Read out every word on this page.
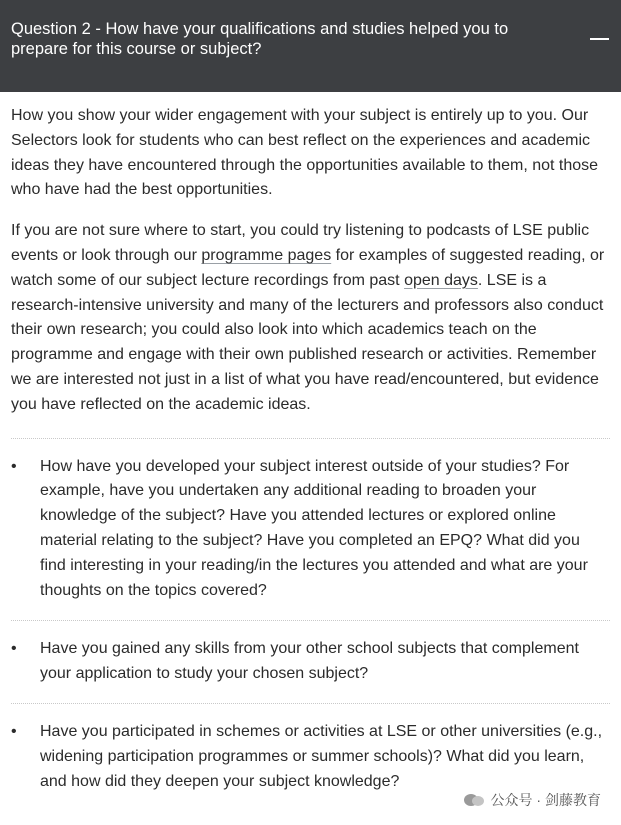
Question 2 - How have your qualifications and studies helped you to prepare for this course or subject?

How you show your wider engagement with your subject is entirely up to you. Our Selectors look for students who can best reflect on the experiences and academic ideas they have encountered through the opportunities available to them, not those who have had the best opportunities.

If you are not sure where to start, you could try listening to podcasts of LSE public events or look through our programme pages for examples of suggested reading, or watch some of our subject lecture recordings from past open days. LSE is a research-intensive university and many of the lecturers and professors also conduct their own research; you could also look into which academics teach on the programme and engage with their own published research or activities. Remember we are interested not just in a list of what you have read/encountered, but evidence you have reflected on the academic ideas.

• How have you developed your subject interest outside of your studies? For example, have you undertaken any additional reading to broaden your knowledge of the subject? Have you attended lectures or explored online material relating to the subject? Have you completed an EPQ? What did you find interesting in your reading/in the lectures you attended and what are your thoughts on the topics covered?
• Have you gained any skills from your other school subjects that complement your application to study your chosen subject?
• Have you participated in schemes or activities at LSE or other universities (e.g., widening participation programmes or summer schools)? What did you learn, and how did they deepen your subject knowledge?
公众号 · 剑藤教育
